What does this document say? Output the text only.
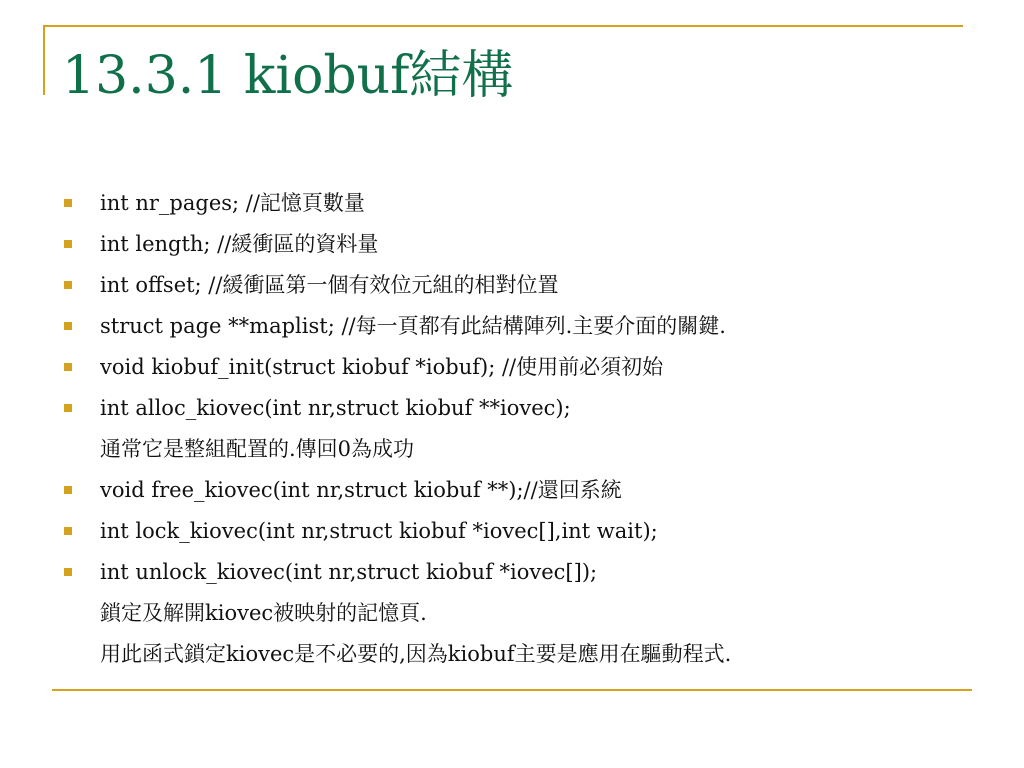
13.3.1 kiobuf結構
int nr_pages; //記憶頁數量
int length; //緩衝區的資料量
int offset; //緩衝區第一個有效位元組的相對位置
struct page **maplist; //每一頁都有此結構陣列.主要介面的關鍵.
void kiobuf_init(struct kiobuf *iobuf); //使用前必須初始
int alloc_kiovec(int nr,struct kiobuf **iovec);
通常它是整組配置的.傳回0為成功
void free_kiovec(int nr,struct kiobuf **);//還回系統
int lock_kiovec(int nr,struct kiobuf *iovec[],int wait);
int unlock_kiovec(int nr,struct kiobuf *iovec[]);
鎖定及解開kiovec被映射的記憶頁.
用此函式鎖定kiovec是不必要的,因為kiobuf主要是應用在驅動程式.
